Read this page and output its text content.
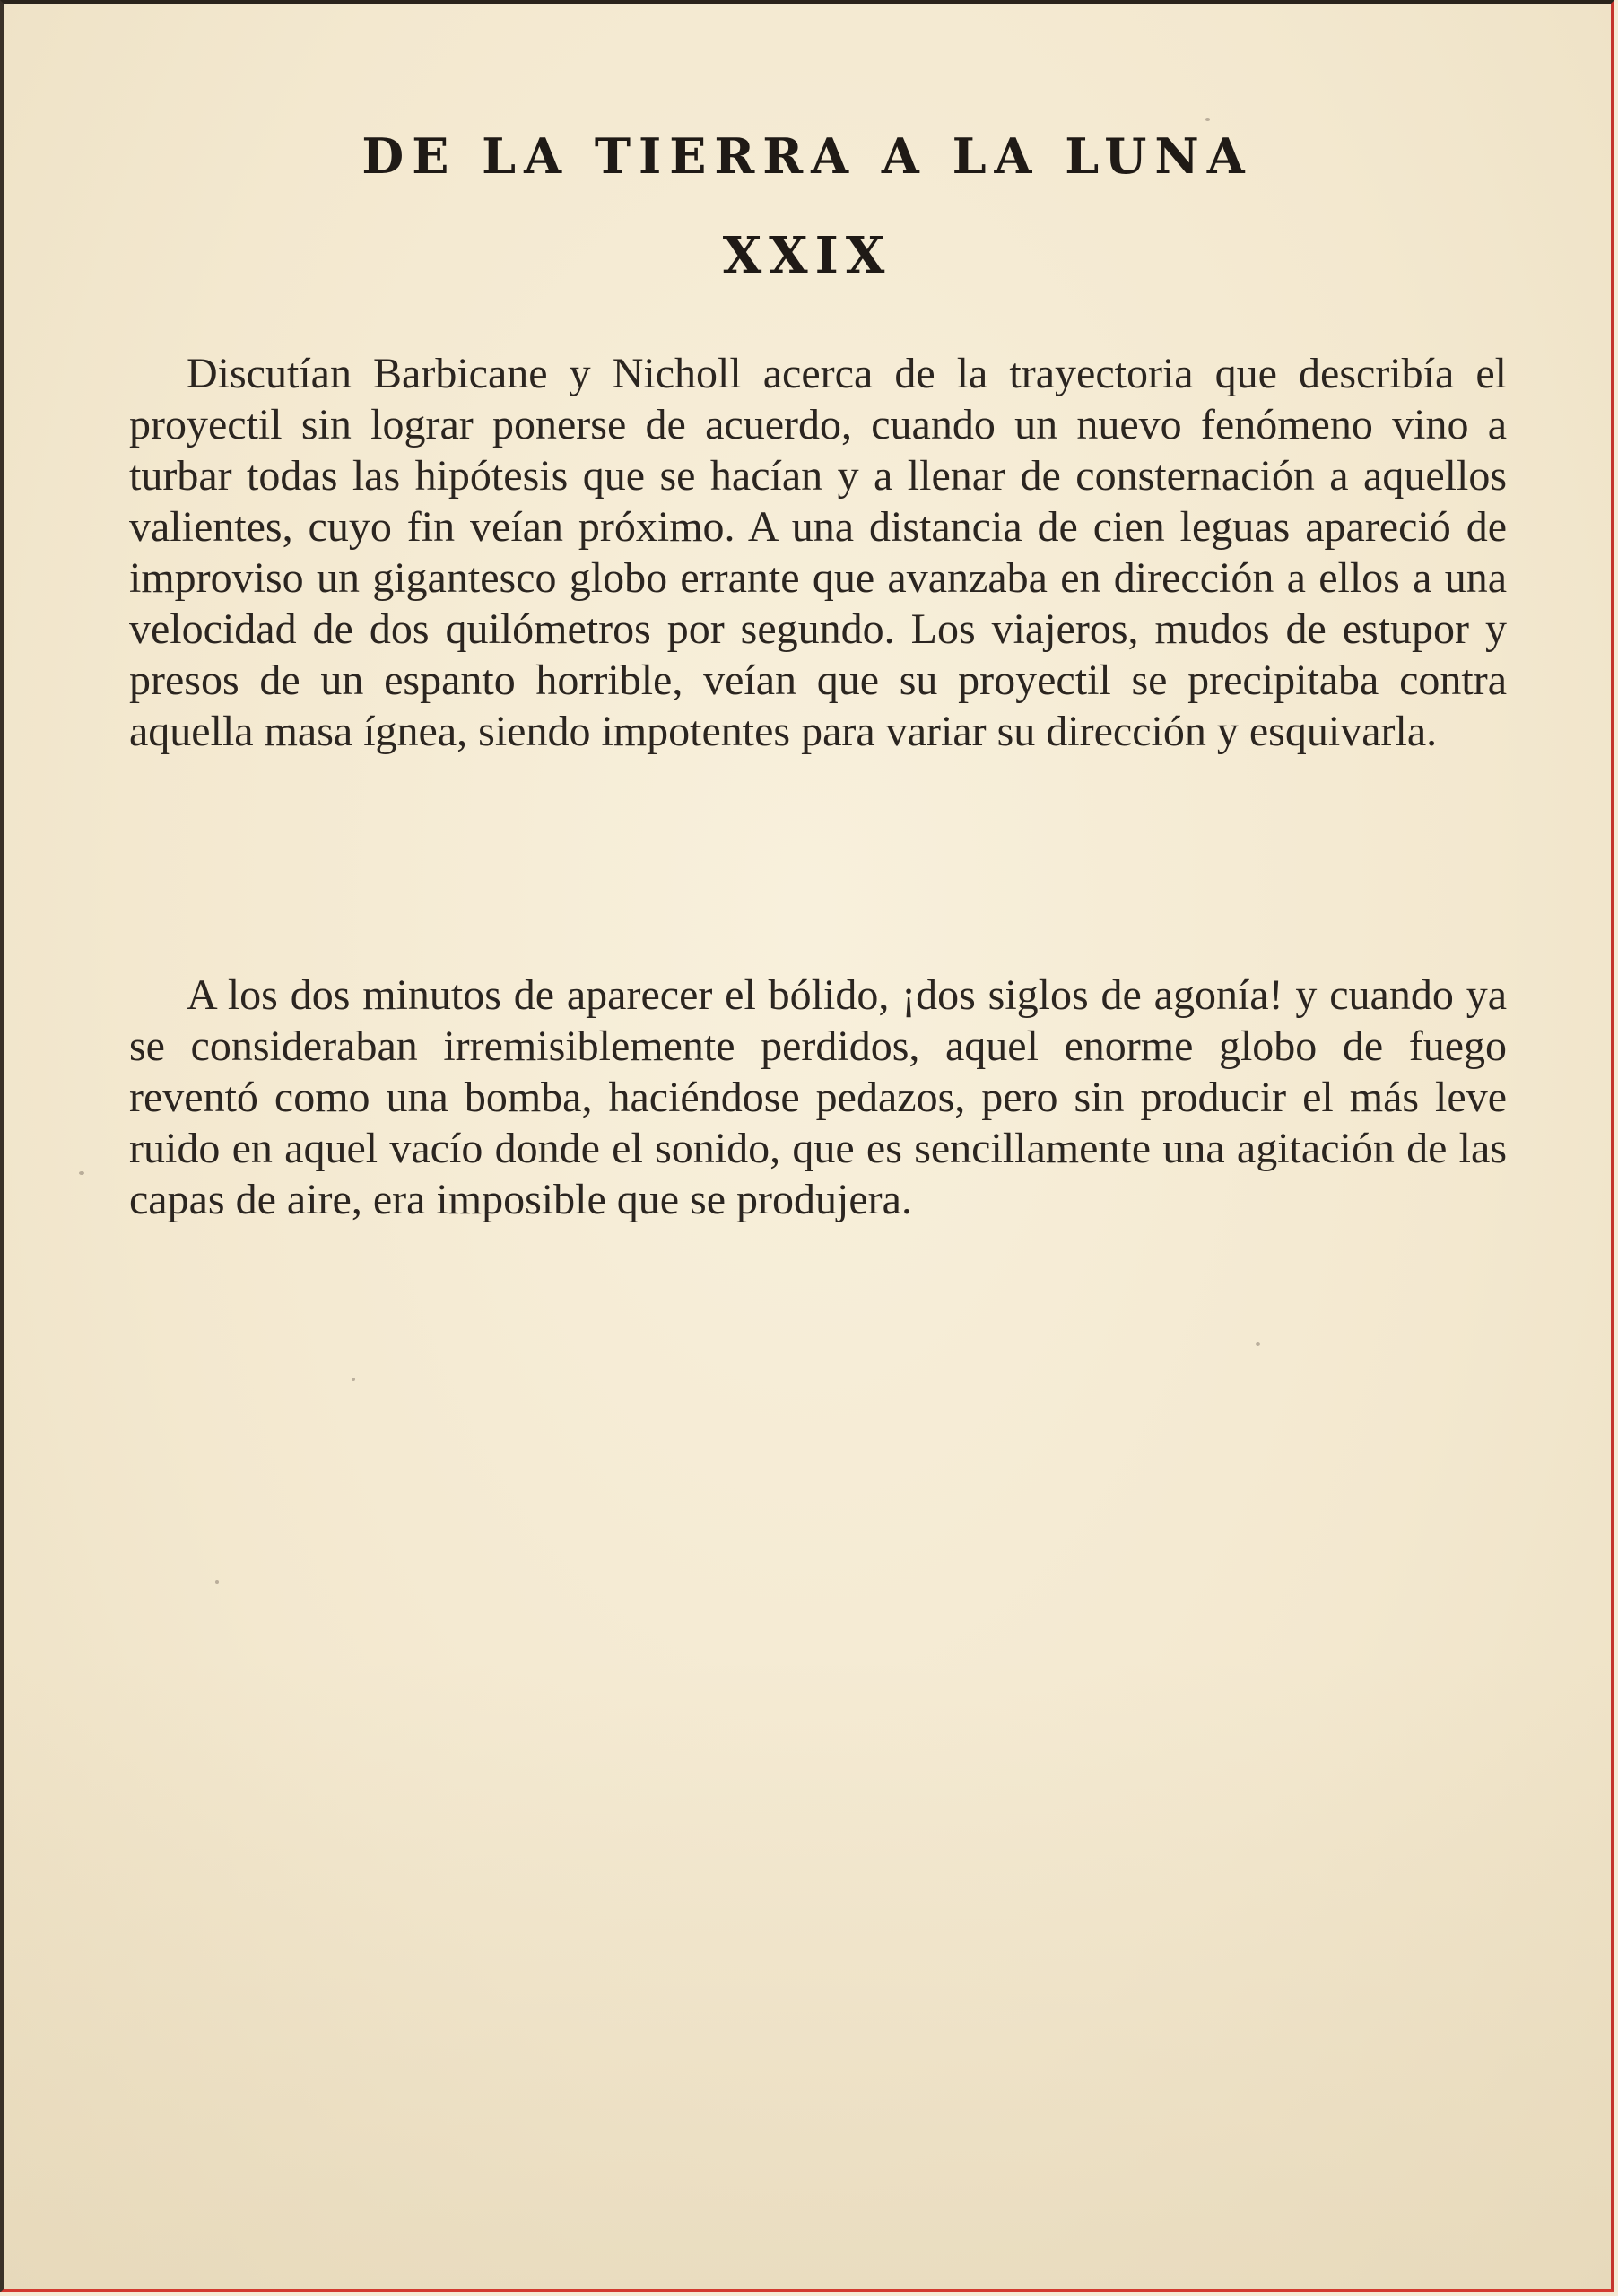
DE LA TIERRA A LA LUNA
XXIX

Discutían Barbicane y Nicholl acerca de la trayectoria que describía el proyectil sin lograr ponerse de acuerdo, cuando un nuevo fenómeno vino a turbar todas las hipótesis que se hacían y a llenar de consternación a aquellos valientes, cuyo fin veían próximo. A una distancia de cien leguas apareció de improviso un gigantesco globo errante que avanzaba en dirección a ellos a una velocidad de dos quilómetros por segundo. Los viajeros, mudos de estupor y presos de un espanto horrible, veían que su proyectil se precipitaba contra aquella masa ígnea, siendo impotentes para variar su dirección y esquivarla.

A los dos minutos de aparecer el bólido, ¡dos siglos de agonía! y cuando ya se consideraban irremisiblemente perdidos, aquel enorme globo de fuego reventó como una bomba, haciéndose pedazos, pero sin producir el más leve ruido en aquel vacío donde el sonido, que es sencillamente una agitación de las capas de aire, era imposible que se produjera.
